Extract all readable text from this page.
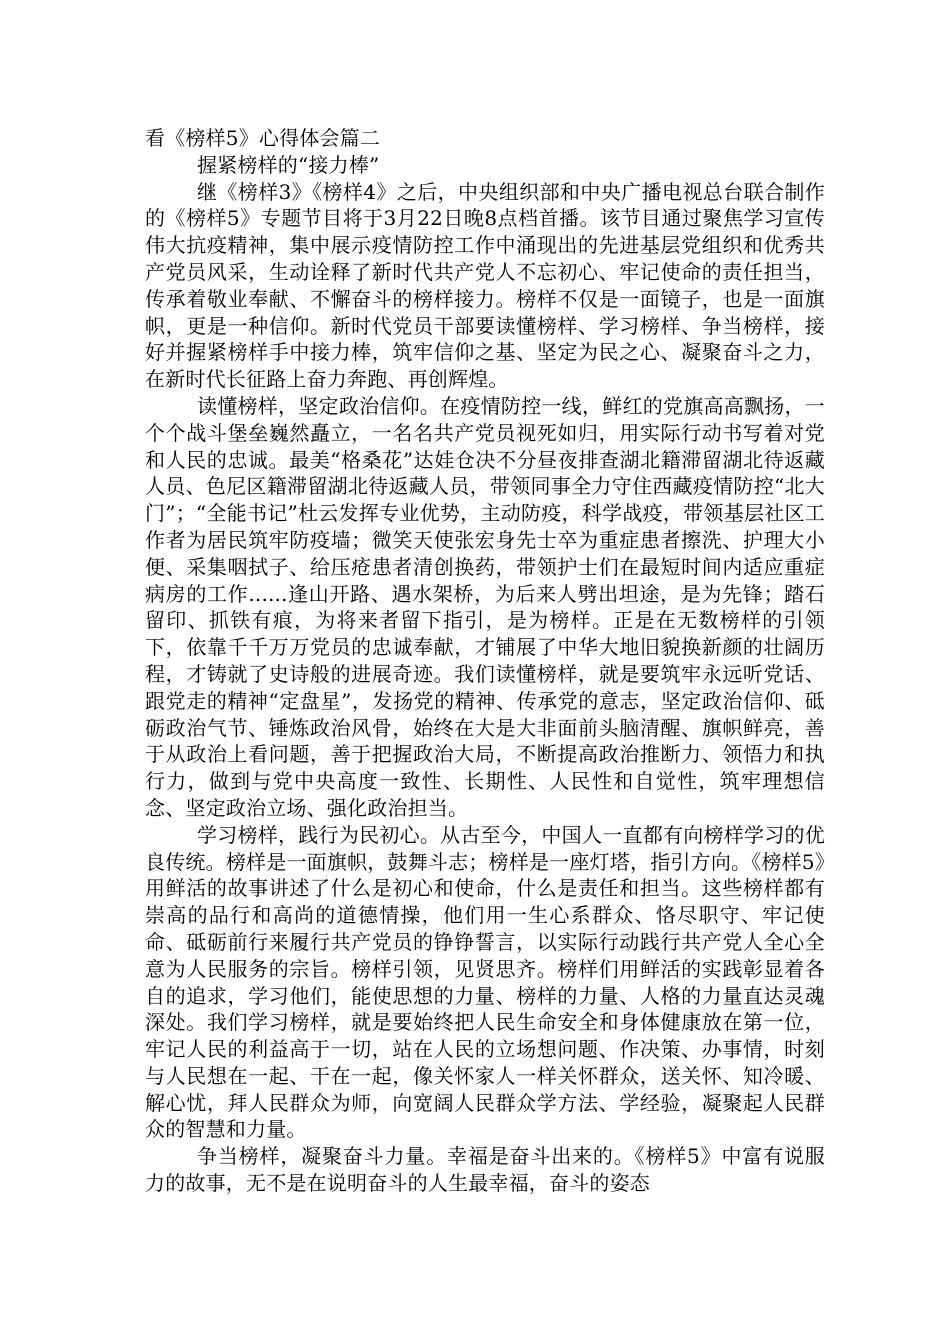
看《榜样5》心得体会篇二
握紧榜样的“接力棒”

继《榜样3》《榜样4》之后，中央组织部和中央广播电视总台联合制作的《榜样5》专题节目将于3月22日晚8点档首播。该节目通过聚焦学习宣传伟大抗疫精神，集中展示疫情防控工作中涌现出的先进基层党组织和优秀共产党员风采，生动诠释了新时代共产党人不忘初心、牢记使命的责任担当，传承着敬业奉献、不懈奋斗的榜样接力。榜样不仅是一面镜子，也是一面旗帜，更是一种信仰。新时代党员干部要读懂榜样、学习榜样、争当榜样，接好并握紧榜样手中接力棒，筑牢信仰之基、坚定为民之心、凝聚奋斗之力，在新时代长征路上奋力奔跑、再创辉煌。

读懂榜样，坚定政治信仰。在疫情防控一线，鲜红的党旗高高飘扬，一个个战斗堡垒巍然矗立，一名名共产党员视死如归，用实际行动书写着对党和人民的忠诚。最美“格桑花”达娃仓决不分昼夜排查湖北籍滞留湖北待返藏人员、色尼区籍滞留湖北待返藏人员，带领同事全力守住西藏疫情防控“北大门”；“全能书记”杜云发挥专业优势，主动防疫，科学战疫，带领基层社区工作者为居民筑牢防疫墙；微笑天使张宏身先士卒为重症患者擦洗、护理大小便、采集咽拭子、给压疮患者清创换药，带领护士们在最短时间内适应重症病房的工作......逢山开路、遇水架桥，为后来人劈出坦途，是为先锋；踏石留印、抓铁有痕，为将来者留下指引，是为榜样。正是在无数榜样的引领下，依靠千千万万党员的忠诚奉献，才铺展了中华大地旧貌换新颜的壮阔历程，才铸就了史诗般的进展奇迹。我们读懂榜样，就是要筑牢永远听党话、跟党走的精神“定盘星”，发扬党的精神、传承党的意志，坚定政治信仰、砥砺政治气节、锤炼政治风骨，始终在大是大非面前头脑清醒、旗帜鲜亮，善于从政治上看问题，善于把握政治大局，不断提高政治推断力、领悟力和执行力，做到与党中央高度一致性、长期性、人民性和自觉性，筑牢理想信念、坚定政治立场、强化政治担当。

学习榜样，践行为民初心。从古至今，中国人一直都有向榜样学习的优良传统。榜样是一面旗帜，鼓舞斗志；榜样是一座灯塔，指引方向。《榜样5》用鲜活的故事讲述了什么是初心和使命，什么是责任和担当。这些榜样都有崇高的品行和高尚的道德情操，他们用一生心系群众、恪尽职守、牢记使命、砥砺前行来履行共产党员的铮铮誓言，以实际行动践行共产党人全心全意为人民服务的宗旨。榜样引领，见贤思齐。榜样们用鲜活的实践彰显着各自的追求，学习他们，能使思想的力量、榜样的力量、人格的力量直达灵魂深处。我们学习榜样，就是要始终把人民生命安全和身体健康放在第一位，牢记人民的利益高于一切，站在人民的立场想问题、作决策、办事情，时刻与人民想在一起、干在一起，像关怀家人一样关怀群众，送关怀、知冷暖、解心忧，拜人民群众为师，向宽阔人民群众学方法、学经验，凝聚起人民群众的智慧和力量。

争当榜样，凝聚奋斗力量。幸福是奋斗出来的。《榜样5》中富有说服力的故事，无不是在说明奋斗的人生最幸福，奋斗的姿态
